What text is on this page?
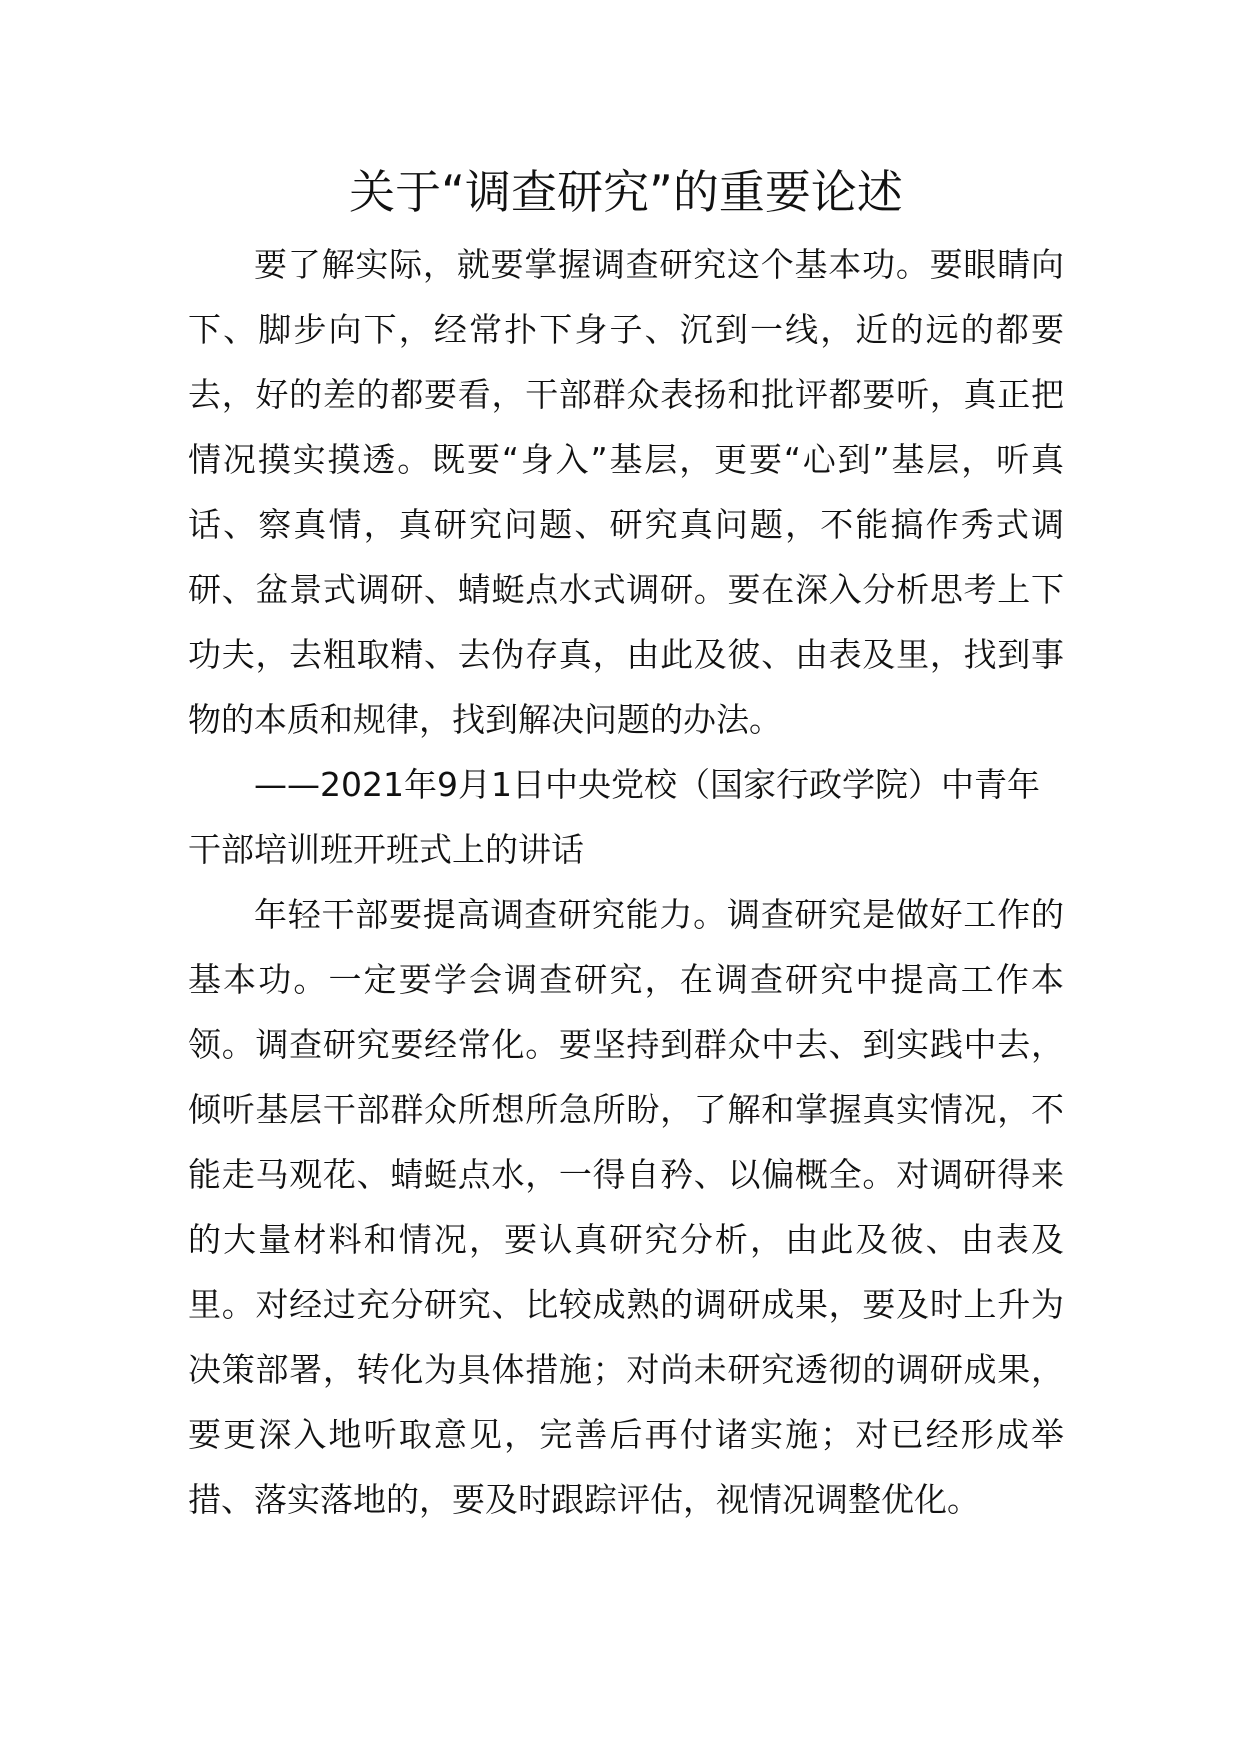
关于“调查研究”的重要论述

要了解实际，就要掌握调查研究这个基本功。要眼睛向下、脚步向下，经常扑下身子、沉到一线，近的远的都要去，好的差的都要看，干部群众表扬和批评都要听，真正把情况摸实摸透。既要“身入”基层，更要“心到”基层，听真话、察真情，真研究问题、研究真问题，不能搞作秀式调研、盆景式调研、蜻蜓点水式调研。要在深入分析思考上下功夫，去粗取精、去伪存真，由此及彼、由表及里，找到事物的本质和规律，找到解决问题的办法。

——2021年9月1日中央党校（国家行政学院）中青年干部培训班开班式上的讲话

年轻干部要提高调查研究能力。调查研究是做好工作的基本功。一定要学会调查研究，在调查研究中提高工作本领。调查研究要经常化。要坚持到群众中去、到实践中去，倾听基层干部群众所想所急所盼，了解和掌握真实情况，不能走马观花、蜻蜓点水，一得自矜、以偏概全。对调研得来的大量材料和情况，要认真研究分析，由此及彼、由表及里。对经过充分研究、比较成熟的调研成果，要及时上升为决策部署，转化为具体措施；对尚未研究透彻的调研成果，要更深入地听取意见，完善后再付诸实施；对已经形成举措、落实落地的，要及时跟踪评估，视情况调整优化。
